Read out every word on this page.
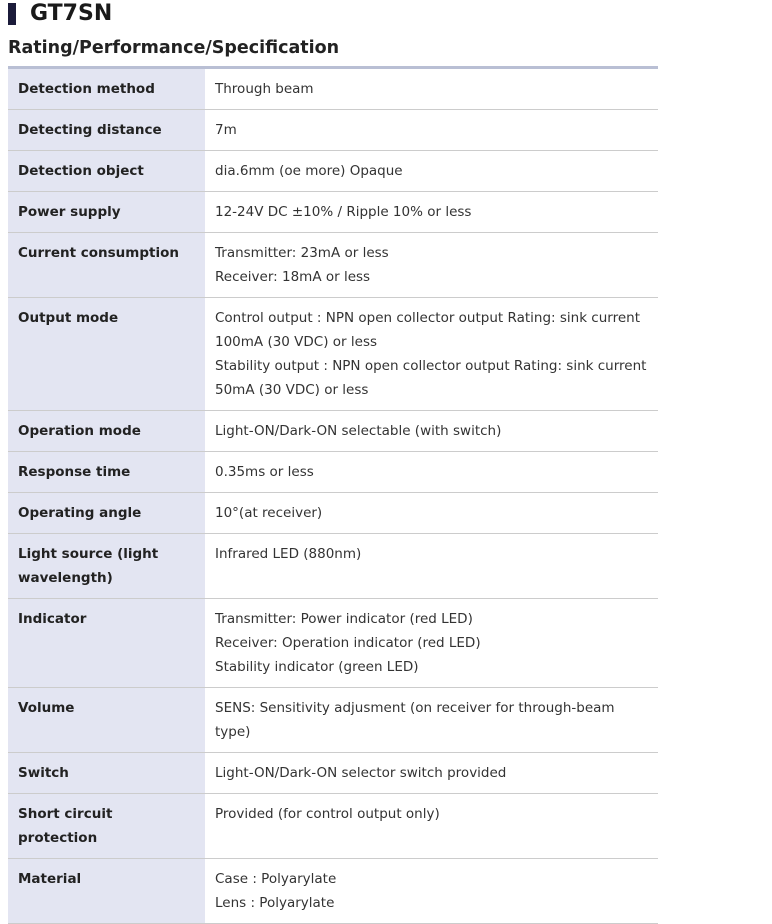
GT7SN
Rating/Performance/Specification
Detection method	Through beam

Detecting distance	7m

Detection object	dia.6mm (oe more) Opaque

Power supply	12-24V DC ±10% / Ripple 10% or less

Current consumption	Transmitter: 23mA or less
Receiver: 18mA or less

Output mode	Control output : NPN open collector output Rating: sink current 100mA (30 VDC) or less
Stability output : NPN open collector output Rating: sink current 50mA (30 VDC) or less

Operation mode	Light-ON/Dark-ON selectable (with switch)

Response time	0.35ms or less

Operating angle	10°(at receiver)

Light source (light wavelength)	Infrared LED (880nm)

Indicator	Transmitter: Power indicator (red LED)
Receiver: Operation indicator (red LED)
Stability indicator (green LED)

Volume	SENS: Sensitivity adjusment (on receiver for through-beam type)

Switch	Light-ON/Dark-ON selector switch provided

Short circuit protection	Provided (for control output only)

Material	Case : Polyarylate
Lens : Polyarylate
